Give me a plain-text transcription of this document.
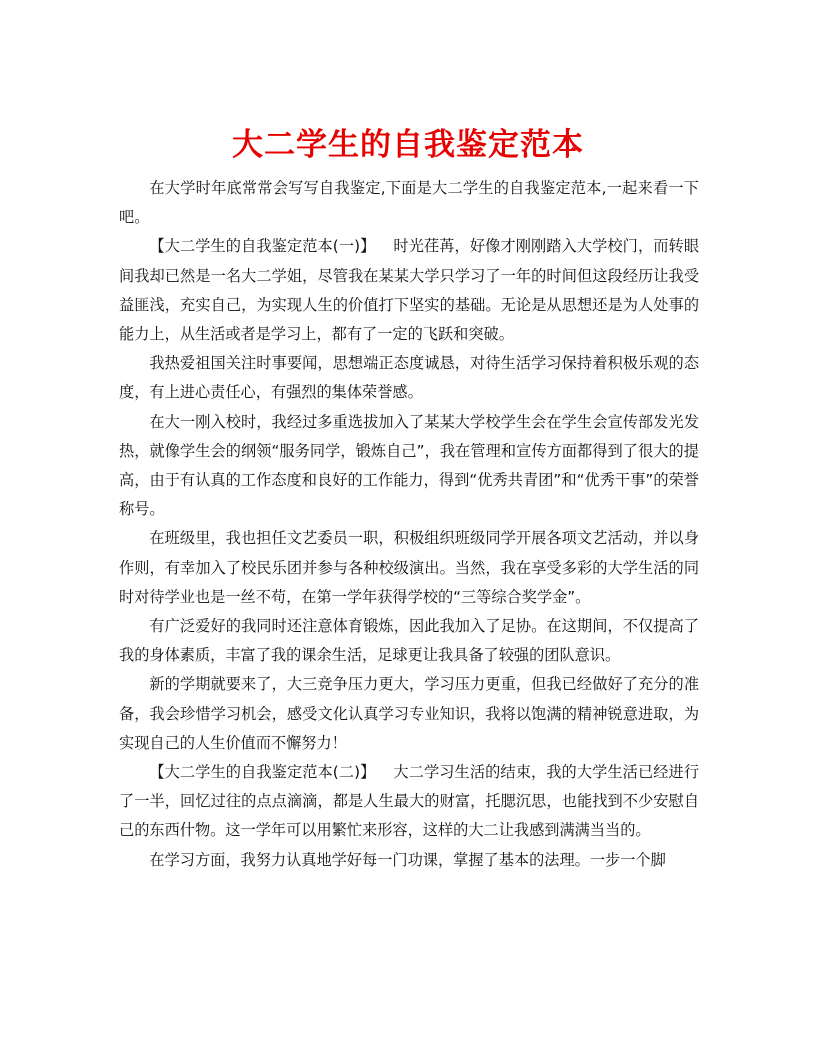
大二学生的自我鉴定范本

在大学时年底常常会写写自我鉴定,下面是大二学生的自我鉴定范本,一起来看一下吧。

【大二学生的自我鉴定范本(一)】 时光荏苒，好像才刚刚踏入大学校门，而转眼间我却已然是一名大二学姐，尽管我在某某大学只学习了一年的时间但这段经历让我受益匪浅，充实自己，为实现人生的价值打下坚实的基础。无论是从思想还是为人处事的能力上，从生活或者是学习上，都有了一定的飞跃和突破。

我热爱祖国关注时事要闻，思想端正态度诚恳，对待生活学习保持着积极乐观的态度，有上进心责任心，有强烈的集体荣誉感。

在大一刚入校时，我经过多重选拔加入了某某大学校学生会在学生会宣传部发光发热，就像学生会的纲领“服务同学，锻炼自己”，我在管理和宣传方面都得到了很大的提高，由于有认真的工作态度和良好的工作能力，得到“优秀共青团”和“优秀干事”的荣誉称号。

在班级里，我也担任文艺委员一职，积极组织班级同学开展各项文艺活动，并以身作则，有幸加入了校民乐团并参与各种校级演出。当然，我在享受多彩的大学生活的同时对待学业也是一丝不苟，在第一学年获得学校的“三等综合奖学金”。

有广泛爱好的我同时还注意体育锻炼，因此我加入了足协。在这期间，不仅提高了我的身体素质，丰富了我的课余生活，足球更让我具备了较强的团队意识。

新的学期就要来了，大三竞争压力更大，学习压力更重，但我已经做好了充分的准备，我会珍惜学习机会，感受文化认真学习专业知识，我将以饱满的精神锐意进取，为实现自己的人生价值而不懈努力！

【大二学生的自我鉴定范本(二)】 大二学习生活的结束，我的大学生活已经进行了一半，回忆过往的点点滴滴，都是人生最大的财富，托腮沉思，也能找到不少安慰自己的东西什物。这一学年可以用繁忙来形容，这样的大二让我感到满满当当的。

在学习方面，我努力认真地学好每一门功课，掌握了基本的法理。一步一个脚
